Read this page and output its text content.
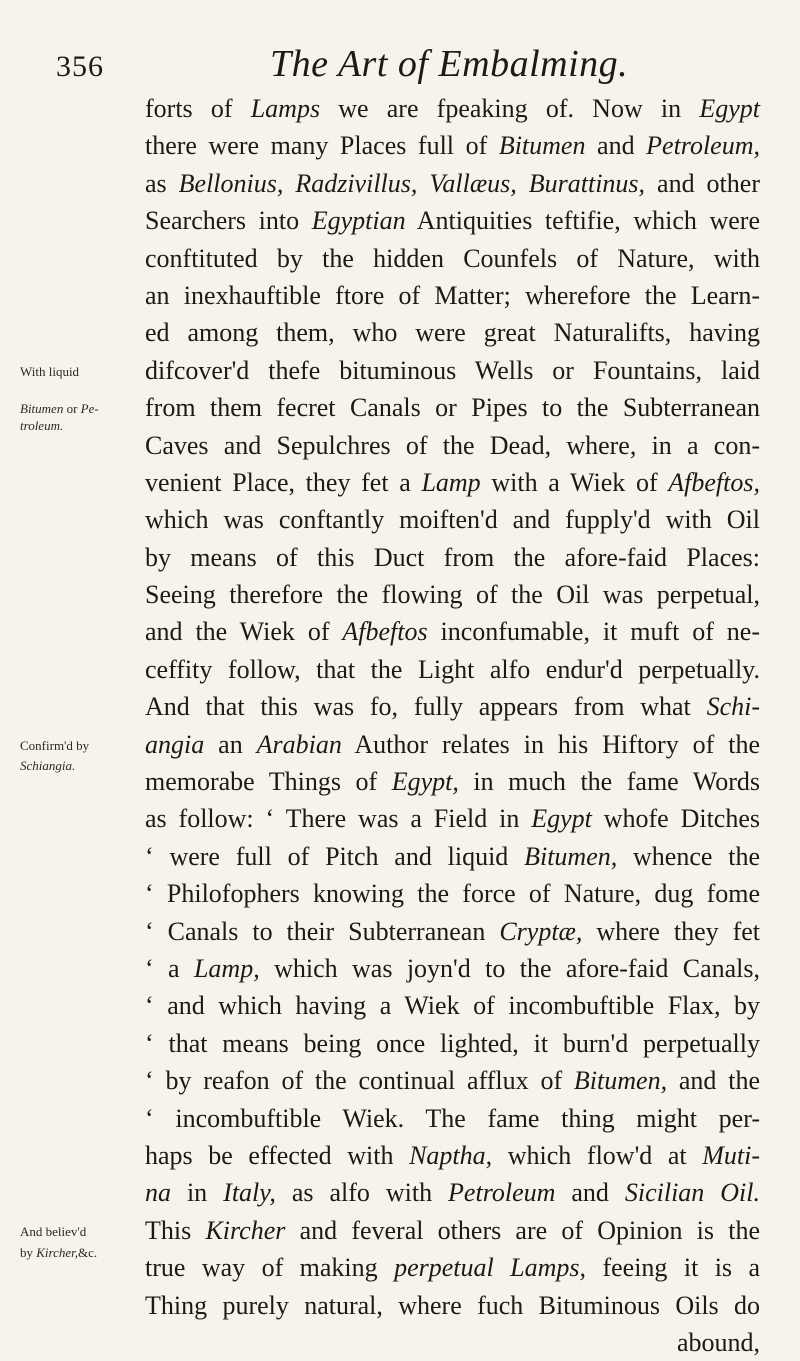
356	The Art of Embalming.
forts of Lamps we are fpeaking of. Now in Egypt
there were many Places full of Bitumen and Petroleum,
as Bellonius, Radzivillus, Vallæus, Burattinus, and other
Searchers into Egyptian Antiquities teftifie, which were
conftituted by the hidden Counfels of Nature, with
an inexhauftible ftore of Matter; wherefore the Learn-
ed among them, who were great Naturalifts, having
difcover'd thefe bituminous Wells or Fountains, laid
from them fecret Canals or Pipes to the Subterranean
Caves and Sepulchres of the Dead, where, in a con-
venient Place, they fet a Lamp with a Wiek of Afbeftos,
which was conftantly moiften'd and fupply'd with Oil
by means of this Duct from the afore-faid Places:
Seeing therefore the flowing of the Oil was perpetual,
and the Wiek of Afbeftos inconfumable, it muft of ne-
ceffity follow, that the Light alfo endur'd perpetually.
And that this was fo, fully appears from what Schi-
angia an Arabian Author relates in his Hiftory of the
memorabe Things of Egypt, in much the fame Words
as follow: ‘ There was a Field in Egypt whofe Ditches
‘ were full of Pitch and liquid Bitumen, whence the
‘ Philofophers knowing the force of Nature, dug fome
‘ Canals to their Subterranean Cryptæ, where they fet
‘ a Lamp, which was joyn'd to the afore-faid Canals,
‘ and which having a Wiek of incombuftible Flax, by
‘ that means being once lighted, it burn'd perpetually
‘ by reafon of the continual afflux of Bitumen, and the
‘ incombuftible Wiek. The fame thing might per-
haps be effected with Naptha, which flow'd at Muti-
na in Italy, as alfo with Petroleum and Sicilian Oil.
This Kircher and feveral others are of Opinion is the
true way of making perpetual Lamps, feeing it is a
Thing purely natural, where fuch Bituminous Oils do
abound,
With liquid
Bitumen or Pe-
troleum.
Confirm'd by
Schiangia.
And believ'd
by Kircher,&c.
